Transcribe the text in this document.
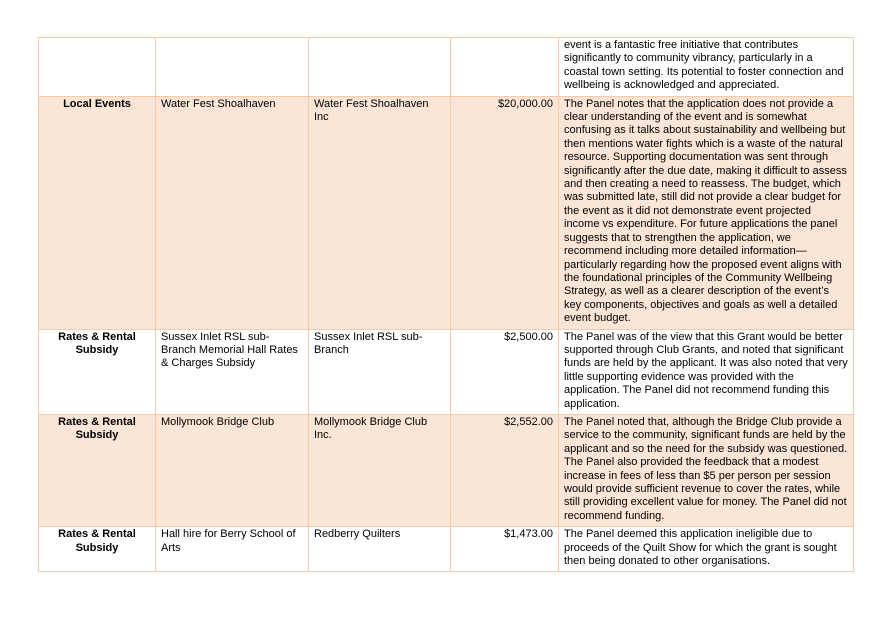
				event is a fantastic free initiative that contributes significantly to community vibrancy, particularly in a coastal town setting. Its potential to foster connection and wellbeing is acknowledged and appreciated.
Local Events	Water Fest Shoalhaven	Water Fest Shoalhaven Inc	$20,000.00	The Panel notes that the application does not provide a clear understanding of the event and is somewhat confusing as it talks about sustainability and wellbeing but then mentions water fights which is a waste of the natural resource. Supporting documentation was sent through significantly after the due date, making it difficult to assess and then creating a need to reassess. The budget, which was submitted late, still did not provide a clear budget for the event as it did not demonstrate event projected income vs expenditure. For future applications the panel suggests that to strengthen the application, we recommend including more detailed information—particularly regarding how the proposed event aligns with the foundational principles of the Community Wellbeing Strategy, as well as a clearer description of the event’s key components, objectives and goals as well a detailed event budget.
Rates & Rental Subsidy	Sussex Inlet RSL sub-Branch Memorial Hall Rates & Charges Subsidy	Sussex Inlet RSL sub-Branch	$2,500.00	The Panel was of the view that this Grant would be better supported through Club Grants, and noted that significant funds are held by the applicant. It was also noted that very little supporting evidence was provided with the application. The Panel did not recommend funding this application.
Rates & Rental Subsidy	Mollymook Bridge Club	Mollymook Bridge Club Inc.	$2,552.00	The Panel noted that, although the Bridge Club provide a service to the community, significant funds are held by the applicant and so the need for the subsidy was questioned. The Panel also provided the feedback that a modest increase in fees of less than $5 per person per session would provide sufficient revenue to cover the rates, while still providing excellent value for money. The Panel did not recommend funding.
Rates & Rental Subsidy	Hall hire for Berry School of Arts	Redberry Quilters	$1,473.00	The Panel deemed this application ineligible due to proceeds of the Quilt Show for which the grant is sought then being donated to other organisations.
